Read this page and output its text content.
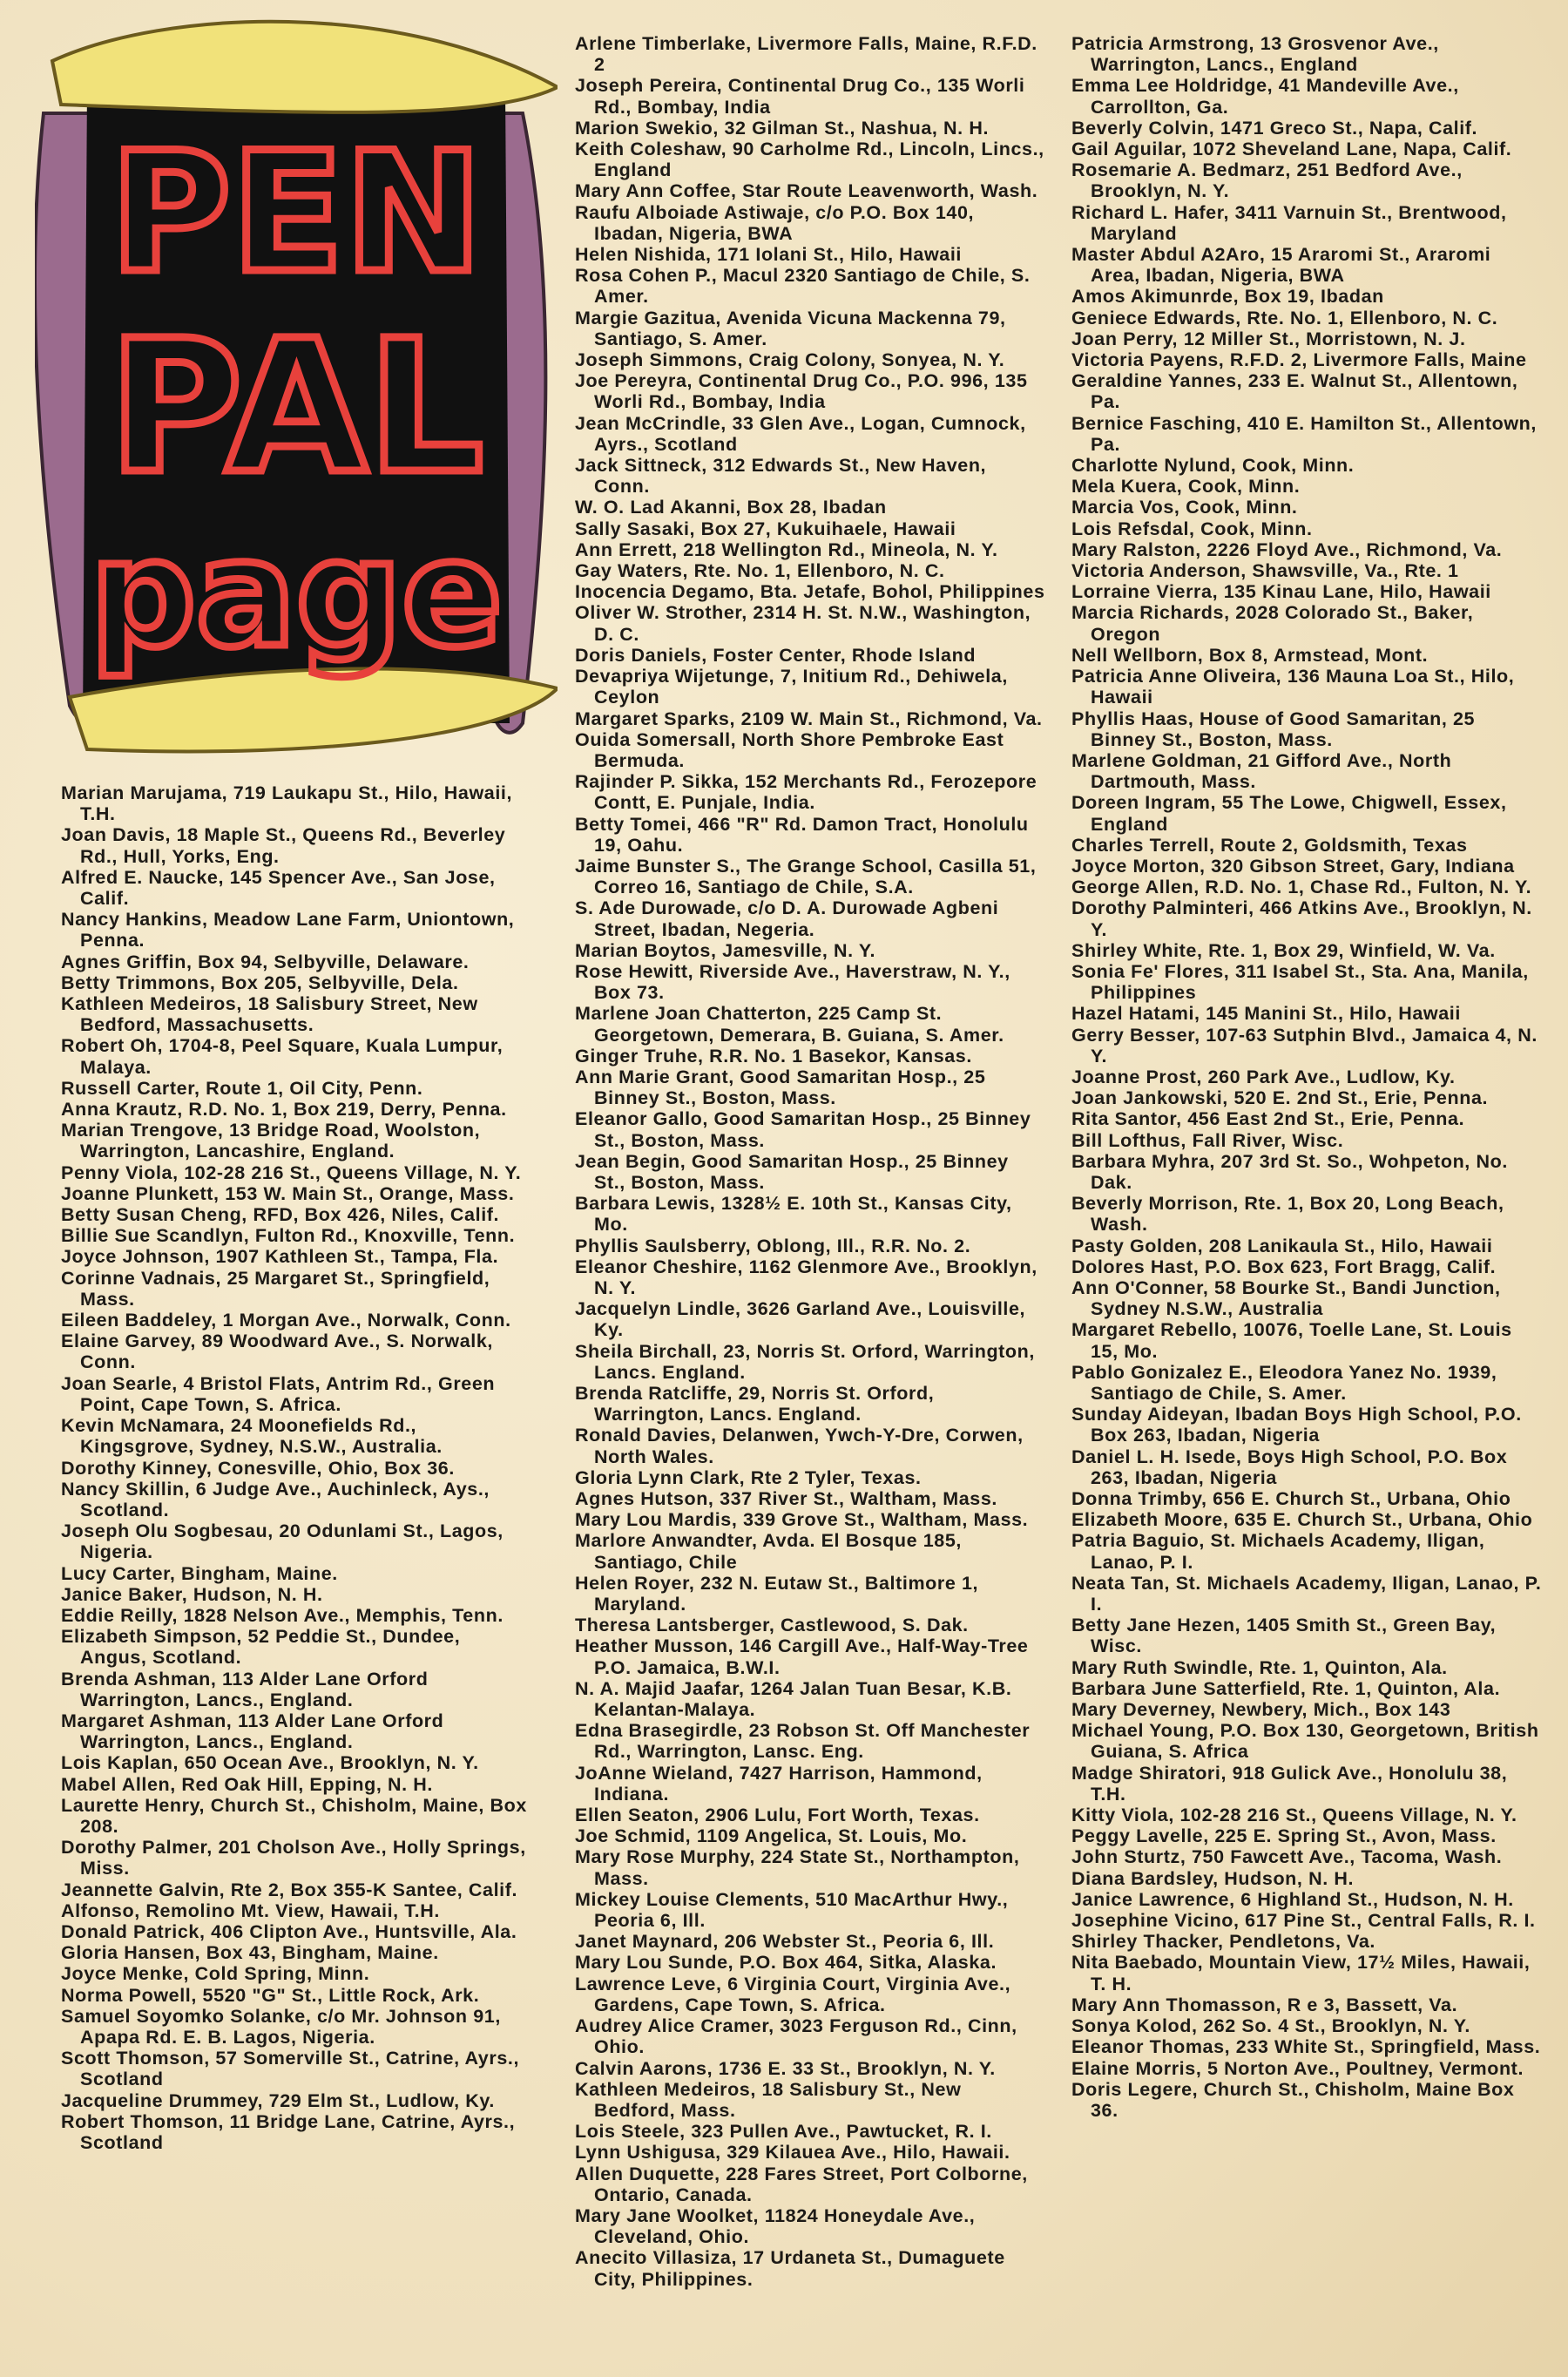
PEN
PAL
page

Marian Marujama, 719 Laukapu St., Hilo, Hawaii, T.H.

Joan Davis, 18 Maple St., Queens Rd., Beverley Rd., Hull, Yorks, Eng.

Alfred E. Naucke, 145 Spencer Ave., San Jose, Calif.

Nancy Hankins, Meadow Lane Farm, Uniontown, Penna.

Agnes Griffin, Box 94, Selbyville, Delaware.

Betty Trimmons, Box 205, Selbyville, Dela.

Kathleen Medeiros, 18 Salisbury Street, New Bedford, Massachusetts.

Robert Oh, 1704-8, Peel Square, Kuala Lumpur, Malaya.

Russell Carter, Route 1, Oil City, Penn.

Anna Krautz, R.D. No. 1, Box 219, Derry, Penna.

Marian Trengove, 13 Bridge Road, Woolston, Warrington, Lancashire, England.

Penny Viola, 102-28 216 St., Queens Village, N. Y.

Joanne Plunkett, 153 W. Main St., Orange, Mass.

Betty Susan Cheng, RFD, Box 426, Niles, Calif.

Billie Sue Scandlyn, Fulton Rd., Knoxville, Tenn.

Joyce Johnson, 1907 Kathleen St., Tampa, Fla.

Corinne Vadnais, 25 Margaret St., Springfield, Mass.

Eileen Baddeley, 1 Morgan Ave., Norwalk, Conn.

Elaine Garvey, 89 Woodward Ave., S. Norwalk, Conn.

Joan Searle, 4 Bristol Flats, Antrim Rd., Green Point, Cape Town, S. Africa.

Kevin McNamara, 24 Moonefields Rd., Kingsgrove, Sydney, N.S.W., Australia.

Dorothy Kinney, Conesville, Ohio, Box 36.

Nancy Skillin, 6 Judge Ave., Auchinleck, Ays., Scotland.

Joseph Olu Sogbesau, 20 Odunlami St., Lagos, Nigeria.

Lucy Carter, Bingham, Maine.

Janice Baker, Hudson, N. H.

Eddie Reilly, 1828 Nelson Ave., Memphis, Tenn.

Elizabeth Simpson, 52 Peddie St., Dundee, Angus, Scotland.

Brenda Ashman, 113 Alder Lane Orford Warrington, Lancs., England.

Margaret Ashman, 113 Alder Lane Orford Warrington, Lancs., England.

Lois Kaplan, 650 Ocean Ave., Brooklyn, N. Y.

Mabel Allen, Red Oak Hill, Epping, N. H.

Laurette Henry, Church St., Chisholm, Maine, Box 208.

Dorothy Palmer, 201 Cholson Ave., Holly Springs, Miss.

Jeannette Galvin, Rte 2, Box 355-K Santee, Calif.

Alfonso, Remolino Mt. View, Hawaii, T.H.

Donald Patrick, 406 Clipton Ave., Huntsville, Ala.

Gloria Hansen, Box 43, Bingham, Maine.

Joyce Menke, Cold Spring, Minn.

Norma Powell, 5520 "G" St., Little Rock, Ark.

Samuel Soyomko Solanke, c/o Mr. Johnson 91, Apapa Rd. E. B. Lagos, Nigeria.

Scott Thomson, 57 Somerville St., Catrine, Ayrs., Scotland

Jacqueline Drummey, 729 Elm St., Ludlow, Ky.

Robert Thomson, 11 Bridge Lane, Catrine, Ayrs., Scotland

Arlene Timberlake, Livermore Falls, Maine, R.F.D. 2

Joseph Pereira, Continental Drug Co., 135 Worli Rd., Bombay, India

Marion Swekio, 32 Gilman St., Nashua, N. H.

Keith Coleshaw, 90 Carholme Rd., Lincoln, Lincs., England

Mary Ann Coffee, Star Route Leavenworth, Wash.

Raufu Alboiade Astiwaje, c/o P.O. Box 140, Ibadan, Nigeria, BWA

Helen Nishida, 171 Iolani St., Hilo, Hawaii

Rosa Cohen P., Macul 2320 Santiago de Chile, S. Amer.

Margie Gazitua, Avenida Vicuna Mackenna 79, Santiago, S. Amer.

Joseph Simmons, Craig Colony, Sonyea, N. Y.

Joe Pereyra, Continental Drug Co., P.O. 996, 135 Worli Rd., Bombay, India

Jean McCrindle, 33 Glen Ave., Logan, Cumnock, Ayrs., Scotland

Jack Sittneck, 312 Edwards St., New Haven, Conn.

W. O. Lad Akanni, Box 28, Ibadan

Sally Sasaki, Box 27, Kukuihaele, Hawaii

Ann Errett, 218 Wellington Rd., Mineola, N. Y.

Gay Waters, Rte. No. 1, Ellenboro, N. C.

Inocencia Degamo, Bta. Jetafe, Bohol, Philippines

Oliver W. Strother, 2314 H. St. N.W., Washington, D. C.

Doris Daniels, Foster Center, Rhode Island

Devapriya Wijetunge, 7, Initium Rd., Dehiwela, Ceylon

Margaret Sparks, 2109 W. Main St., Richmond, Va.

Ouida Somersall, North Shore Pembroke East Bermuda.

Rajinder P. Sikka, 152 Merchants Rd., Ferozepore Contt, E. Punjale, India.

Betty Tomei, 466 "R" Rd. Damon Tract, Honolulu 19, Oahu.

Jaime Bunster S., The Grange School, Casilla 51, Correo 16, Santiago de Chile, S.A.

S. Ade Durowade, c/o D. A. Durowade Agbeni Street, Ibadan, Negeria.

Marian Boytos, Jamesville, N. Y.

Rose Hewitt, Riverside Ave., Haverstraw, N. Y., Box 73.

Marlene Joan Chatterton, 225 Camp St. Georgetown, Demerara, B. Guiana, S. Amer.

Ginger Truhe, R.R. No. 1 Basekor, Kansas.

Ann Marie Grant, Good Samaritan Hosp., 25 Binney St., Boston, Mass.

Eleanor Gallo, Good Samaritan Hosp., 25 Binney St., Boston, Mass.

Jean Begin, Good Samaritan Hosp., 25 Binney St., Boston, Mass.

Barbara Lewis, 1328½ E. 10th St., Kansas City, Mo.

Phyllis Saulsberry, Oblong, Ill., R.R. No. 2.

Eleanor Cheshire, 1162 Glenmore Ave., Brooklyn, N. Y.

Jacquelyn Lindle, 3626 Garland Ave., Louisville, Ky.

Sheila Birchall, 23, Norris St. Orford, Warrington, Lancs. England.

Brenda Ratcliffe, 29, Norris St. Orford, Warrington, Lancs. England.

Ronald Davies, Delanwen, Ywch-Y-Dre, Corwen, North Wales.

Gloria Lynn Clark, Rte 2 Tyler, Texas.

Agnes Hutson, 337 River St., Waltham, Mass.

Mary Lou Mardis, 339 Grove St., Waltham, Mass.

Marlore Anwandter, Avda. El Bosque 185, Santiago, Chile

Helen Royer, 232 N. Eutaw St., Baltimore 1, Maryland.

Theresa Lantsberger, Castlewood, S. Dak.

Heather Musson, 146 Cargill Ave., Half-Way-Tree P.O. Jamaica, B.W.I.

N. A. Majid Jaafar, 1264 Jalan Tuan Besar, K.B. Kelantan-Malaya.

Edna Brasegirdle, 23 Robson St. Off Manchester Rd., Warrington, Lansc. Eng.

JoAnne Wieland, 7427 Harrison, Hammond, Indiana.

Ellen Seaton, 2906 Lulu, Fort Worth, Texas.

Joe Schmid, 1109 Angelica, St. Louis, Mo.

Mary Rose Murphy, 224 State St., Northampton, Mass.

Mickey Louise Clements, 510 MacArthur Hwy., Peoria 6, Ill.

Janet Maynard, 206 Webster St., Peoria 6, Ill.

Mary Lou Sunde, P.O. Box 464, Sitka, Alaska.

Lawrence Leve, 6 Virginia Court, Virginia Ave., Gardens, Cape Town, S. Africa.

Audrey Alice Cramer, 3023 Ferguson Rd., Cinn, Ohio.

Calvin Aarons, 1736 E. 33 St., Brooklyn, N. Y.

Kathleen Medeiros, 18 Salisbury St., New Bedford, Mass.

Lois Steele, 323 Pullen Ave., Pawtucket, R. I.

Lynn Ushigusa, 329 Kilauea Ave., Hilo, Hawaii.

Allen Duquette, 228 Fares Street, Port Colborne, Ontario, Canada.

Mary Jane Woolket, 11824 Honeydale Ave., Cleveland, Ohio.

Anecito Villasiza, 17 Urdaneta St., Dumaguete City, Philippines.

Patricia Armstrong, 13 Grosvenor Ave., Warrington, Lancs., England

Emma Lee Holdridge, 41 Mandeville Ave., Carrollton, Ga.

Beverly Colvin, 1471 Greco St., Napa, Calif.

Gail Aguilar, 1072 Sheveland Lane, Napa, Calif.

Rosemarie A. Bedmarz, 251 Bedford Ave., Brooklyn, N. Y.

Richard L. Hafer, 3411 Varnuin St., Brentwood, Maryland

Master Abdul A2Aro, 15 Araromi St., Araromi Area, Ibadan, Nigeria, BWA

Amos Akimunrde, Box 19, Ibadan

Geniece Edwards, Rte. No. 1, Ellenboro, N. C.

Joan Perry, 12 Miller St., Morristown, N. J.

Victoria Payens, R.F.D. 2, Livermore Falls, Maine

Geraldine Yannes, 233 E. Walnut St., Allentown, Pa.

Bernice Fasching, 410 E. Hamilton St., Allentown, Pa.

Charlotte Nylund, Cook, Minn.

Mela Kuera, Cook, Minn.

Marcia Vos, Cook, Minn.

Lois Refsdal, Cook, Minn.

Mary Ralston, 2226 Floyd Ave., Richmond, Va.

Victoria Anderson, Shawsville, Va., Rte. 1

Lorraine Vierra, 135 Kinau Lane, Hilo, Hawaii

Marcia Richards, 2028 Colorado St., Baker, Oregon

Nell Wellborn, Box 8, Armstead, Mont.

Patricia Anne Oliveira, 136 Mauna Loa St., Hilo, Hawaii

Phyllis Haas, House of Good Samaritan, 25 Binney St., Boston, Mass.

Marlene Goldman, 21 Gifford Ave., North Dartmouth, Mass.

Doreen Ingram, 55 The Lowe, Chigwell, Essex, England

Charles Terrell, Route 2, Goldsmith, Texas

Joyce Morton, 320 Gibson Street, Gary, Indiana

George Allen, R.D. No. 1, Chase Rd., Fulton, N. Y.

Dorothy Palminteri, 466 Atkins Ave., Brooklyn, N. Y.

Shirley White, Rte. 1, Box 29, Winfield, W. Va.

Sonia Fe' Flores, 311 Isabel St., Sta. Ana, Manila, Philippines

Hazel Hatami, 145 Manini St., Hilo, Hawaii

Gerry Besser, 107-63 Sutphin Blvd., Jamaica 4, N. Y.

Joanne Prost, 260 Park Ave., Ludlow, Ky.

Joan Jankowski, 520 E. 2nd St., Erie, Penna.

Rita Santor, 456 East 2nd St., Erie, Penna.

Bill Lofthus, Fall River, Wisc.

Barbara Myhra, 207 3rd St. So., Wohpeton, No. Dak.

Beverly Morrison, Rte. 1, Box 20, Long Beach, Wash.

Pasty Golden, 208 Lanikaula St., Hilo, Hawaii

Dolores Hast, P.O. Box 623, Fort Bragg, Calif.

Ann O'Conner, 58 Bourke St., Bandi Junction, Sydney N.S.W., Australia

Margaret Rebello, 10076, Toelle Lane, St. Louis 15, Mo.

Pablo Gonizalez E., Eleodora Yanez No. 1939, Santiago de Chile, S. Amer.

Sunday Aideyan, Ibadan Boys High School, P.O. Box 263, Ibadan, Nigeria

Daniel L. H. Isede, Boys High School, P.O. Box 263, Ibadan, Nigeria

Donna Trimby, 656 E. Church St., Urbana, Ohio

Elizabeth Moore, 635 E. Church St., Urbana, Ohio

Patria Baguio, St. Michaels Academy, Iligan, Lanao, P. I.

Neata Tan, St. Michaels Academy, Iligan, Lanao, P. I.

Betty Jane Hezen, 1405 Smith St., Green Bay, Wisc.

Mary Ruth Swindle, Rte. 1, Quinton, Ala.

Barbara June Satterfield, Rte. 1, Quinton, Ala.

Mary Deverney, Newbery, Mich., Box 143

Michael Young, P.O. Box 130, Georgetown, British Guiana, S. Africa

Madge Shiratori, 918 Gulick Ave., Honolulu 38, T.H.

Kitty Viola, 102-28 216 St., Queens Village, N. Y.

Peggy Lavelle, 225 E. Spring St., Avon, Mass.

John Sturtz, 750 Fawcett Ave., Tacoma, Wash.

Diana Bardsley, Hudson, N. H.

Janice Lawrence, 6 Highland St., Hudson, N. H.

Josephine Vicino, 617 Pine St., Central Falls, R. I.

Shirley Thacker, Pendletons, Va.

Nita Baebado, Mountain View, 17½ Miles, Hawaii, T. H.

Mary Ann Thomasson, R e 3, Bassett, Va.

Sonya Kolod, 262 So. 4 St., Brooklyn, N. Y.

Eleanor Thomas, 233 White St., Springfield, Mass.

Elaine Morris, 5 Norton Ave., Poultney, Vermont.

Doris Legere, Church St., Chisholm, Maine Box 36.
